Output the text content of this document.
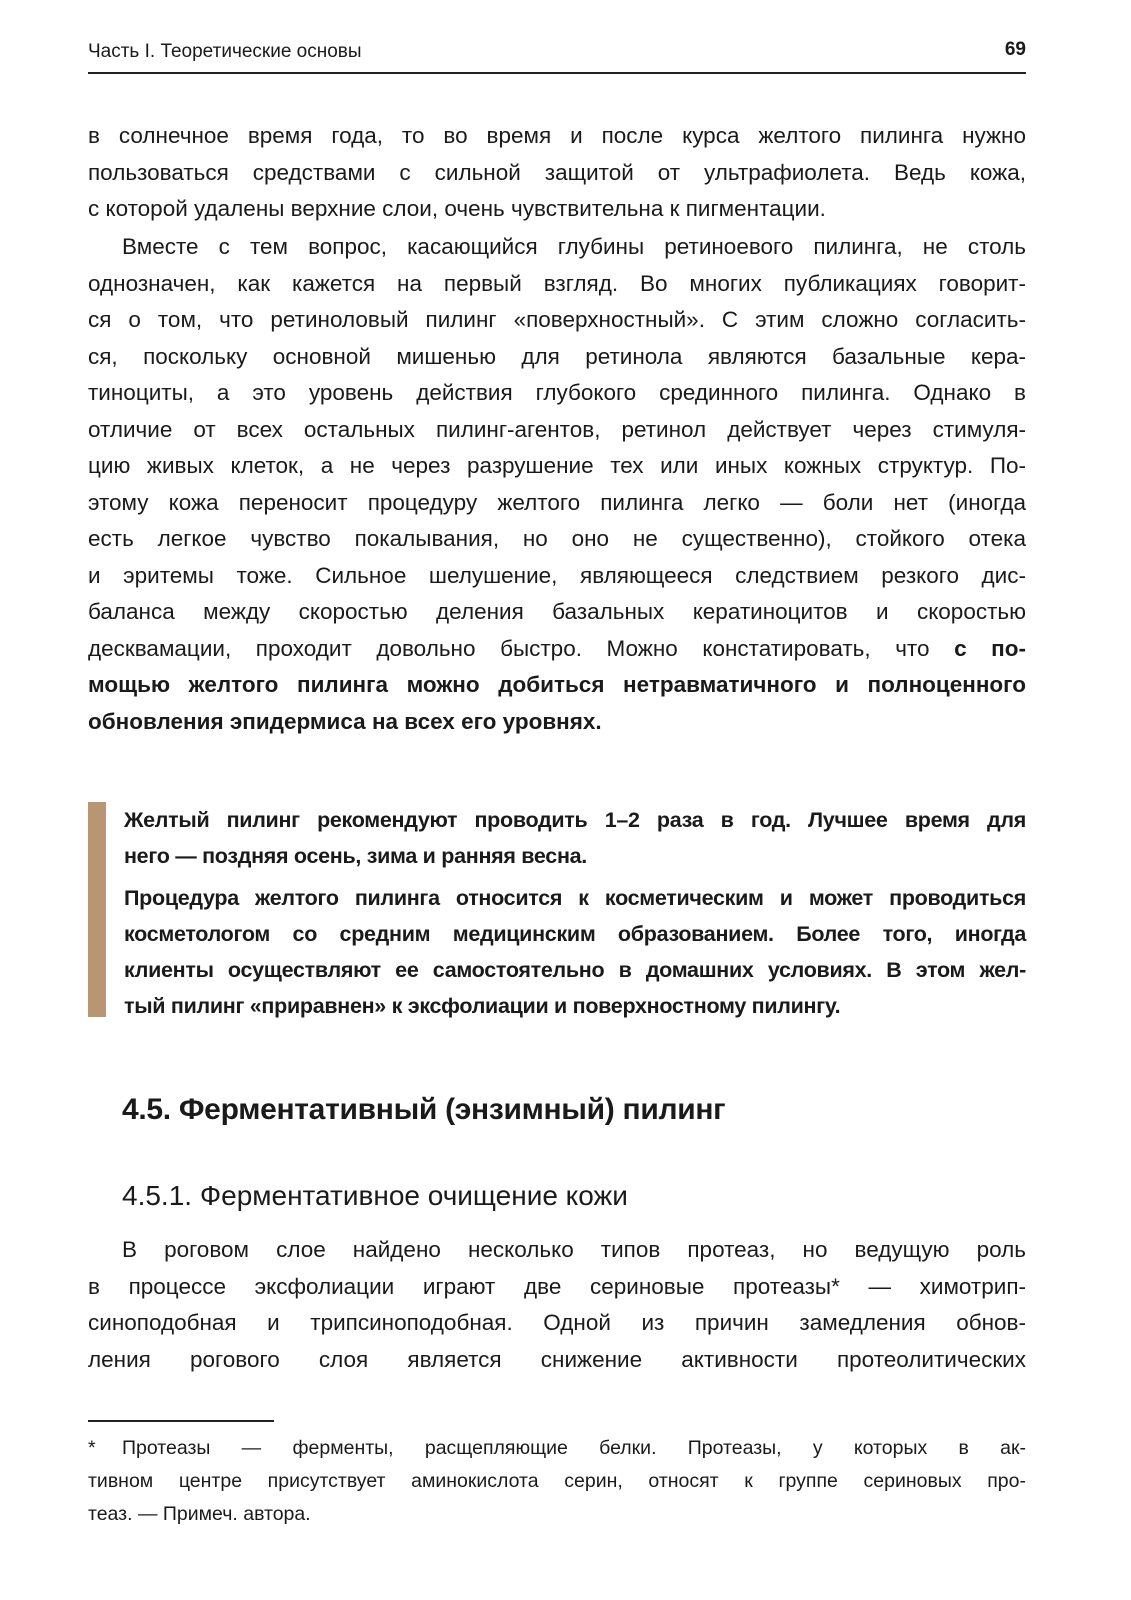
Часть I. Теоретические основы	69

в солнечное время года, то во время и после курса желтого пилинга нужно
пользоваться средствами с сильной защитой от ультрафиолета. Ведь кожа,
с которой удалены верхние слои, очень чувствительна к пигментации.

Вместе с тем вопрос, касающийся глубины ретиноевого пилинга, не столь
однозначен, как кажется на первый взгляд. Во многих публикациях говорит-
ся о том, что ретиноловый пилинг «поверхностный». С этим сложно согласить-
ся, поскольку основной мишенью для ретинола являются базальные кера-
тиноциты, а это уровень действия глубокого срединного пилинга. Однако в
отличие от всех остальных пилинг-агентов, ретинол действует через стимуля-
цию живых клеток, а не через разрушение тех или иных кожных структур. По-
этому кожа переносит процедуру желтого пилинга легко — боли нет (иногда
есть легкое чувство покалывания, но оно не существенно), стойкого отека
и эритемы тоже. Сильное шелушение, являющееся следствием резкого дис-
баланса между скоростью деления базальных кератиноцитов и скоростью
десквамации, проходит довольно быстро. Можно констатировать, что с по-
мощью желтого пилинга можно добиться нетравматичного и полноценного
обновления эпидермиса на всех его уровнях.

Желтый пилинг рекомендуют проводить 1–2 раза в год. Лучшее время для
него — поздняя осень, зима и ранняя весна.
Процедура желтого пилинга относится к косметическим и может проводиться
косметологом со средним медицинским образованием. Более того, иногда
клиенты осуществляют ее самостоятельно в домашних условиях. В этом жел-
тый пилинг «приравнен» к эксфолиации и поверхностному пилингу.
4.5. Ферментативный (энзимный) пилинг
4.5.1. Ферментативное очищение кожи

В роговом слое найдено несколько типов протеаз, но ведущую роль
в процессе эксфолиации играют две сериновые протеазы* — химотрип-
синоподобная и трипсиноподобная. Одной из причин замедления обнов-
ления рогового слоя является снижение активности протеолитических

* Протеазы — ферменты, расщепляющие белки. Протеазы, у которых в ак-
тивном центре присутствует аминокислота серин, относят к группе сериновых про-
теаз. — Примеч. автора.
